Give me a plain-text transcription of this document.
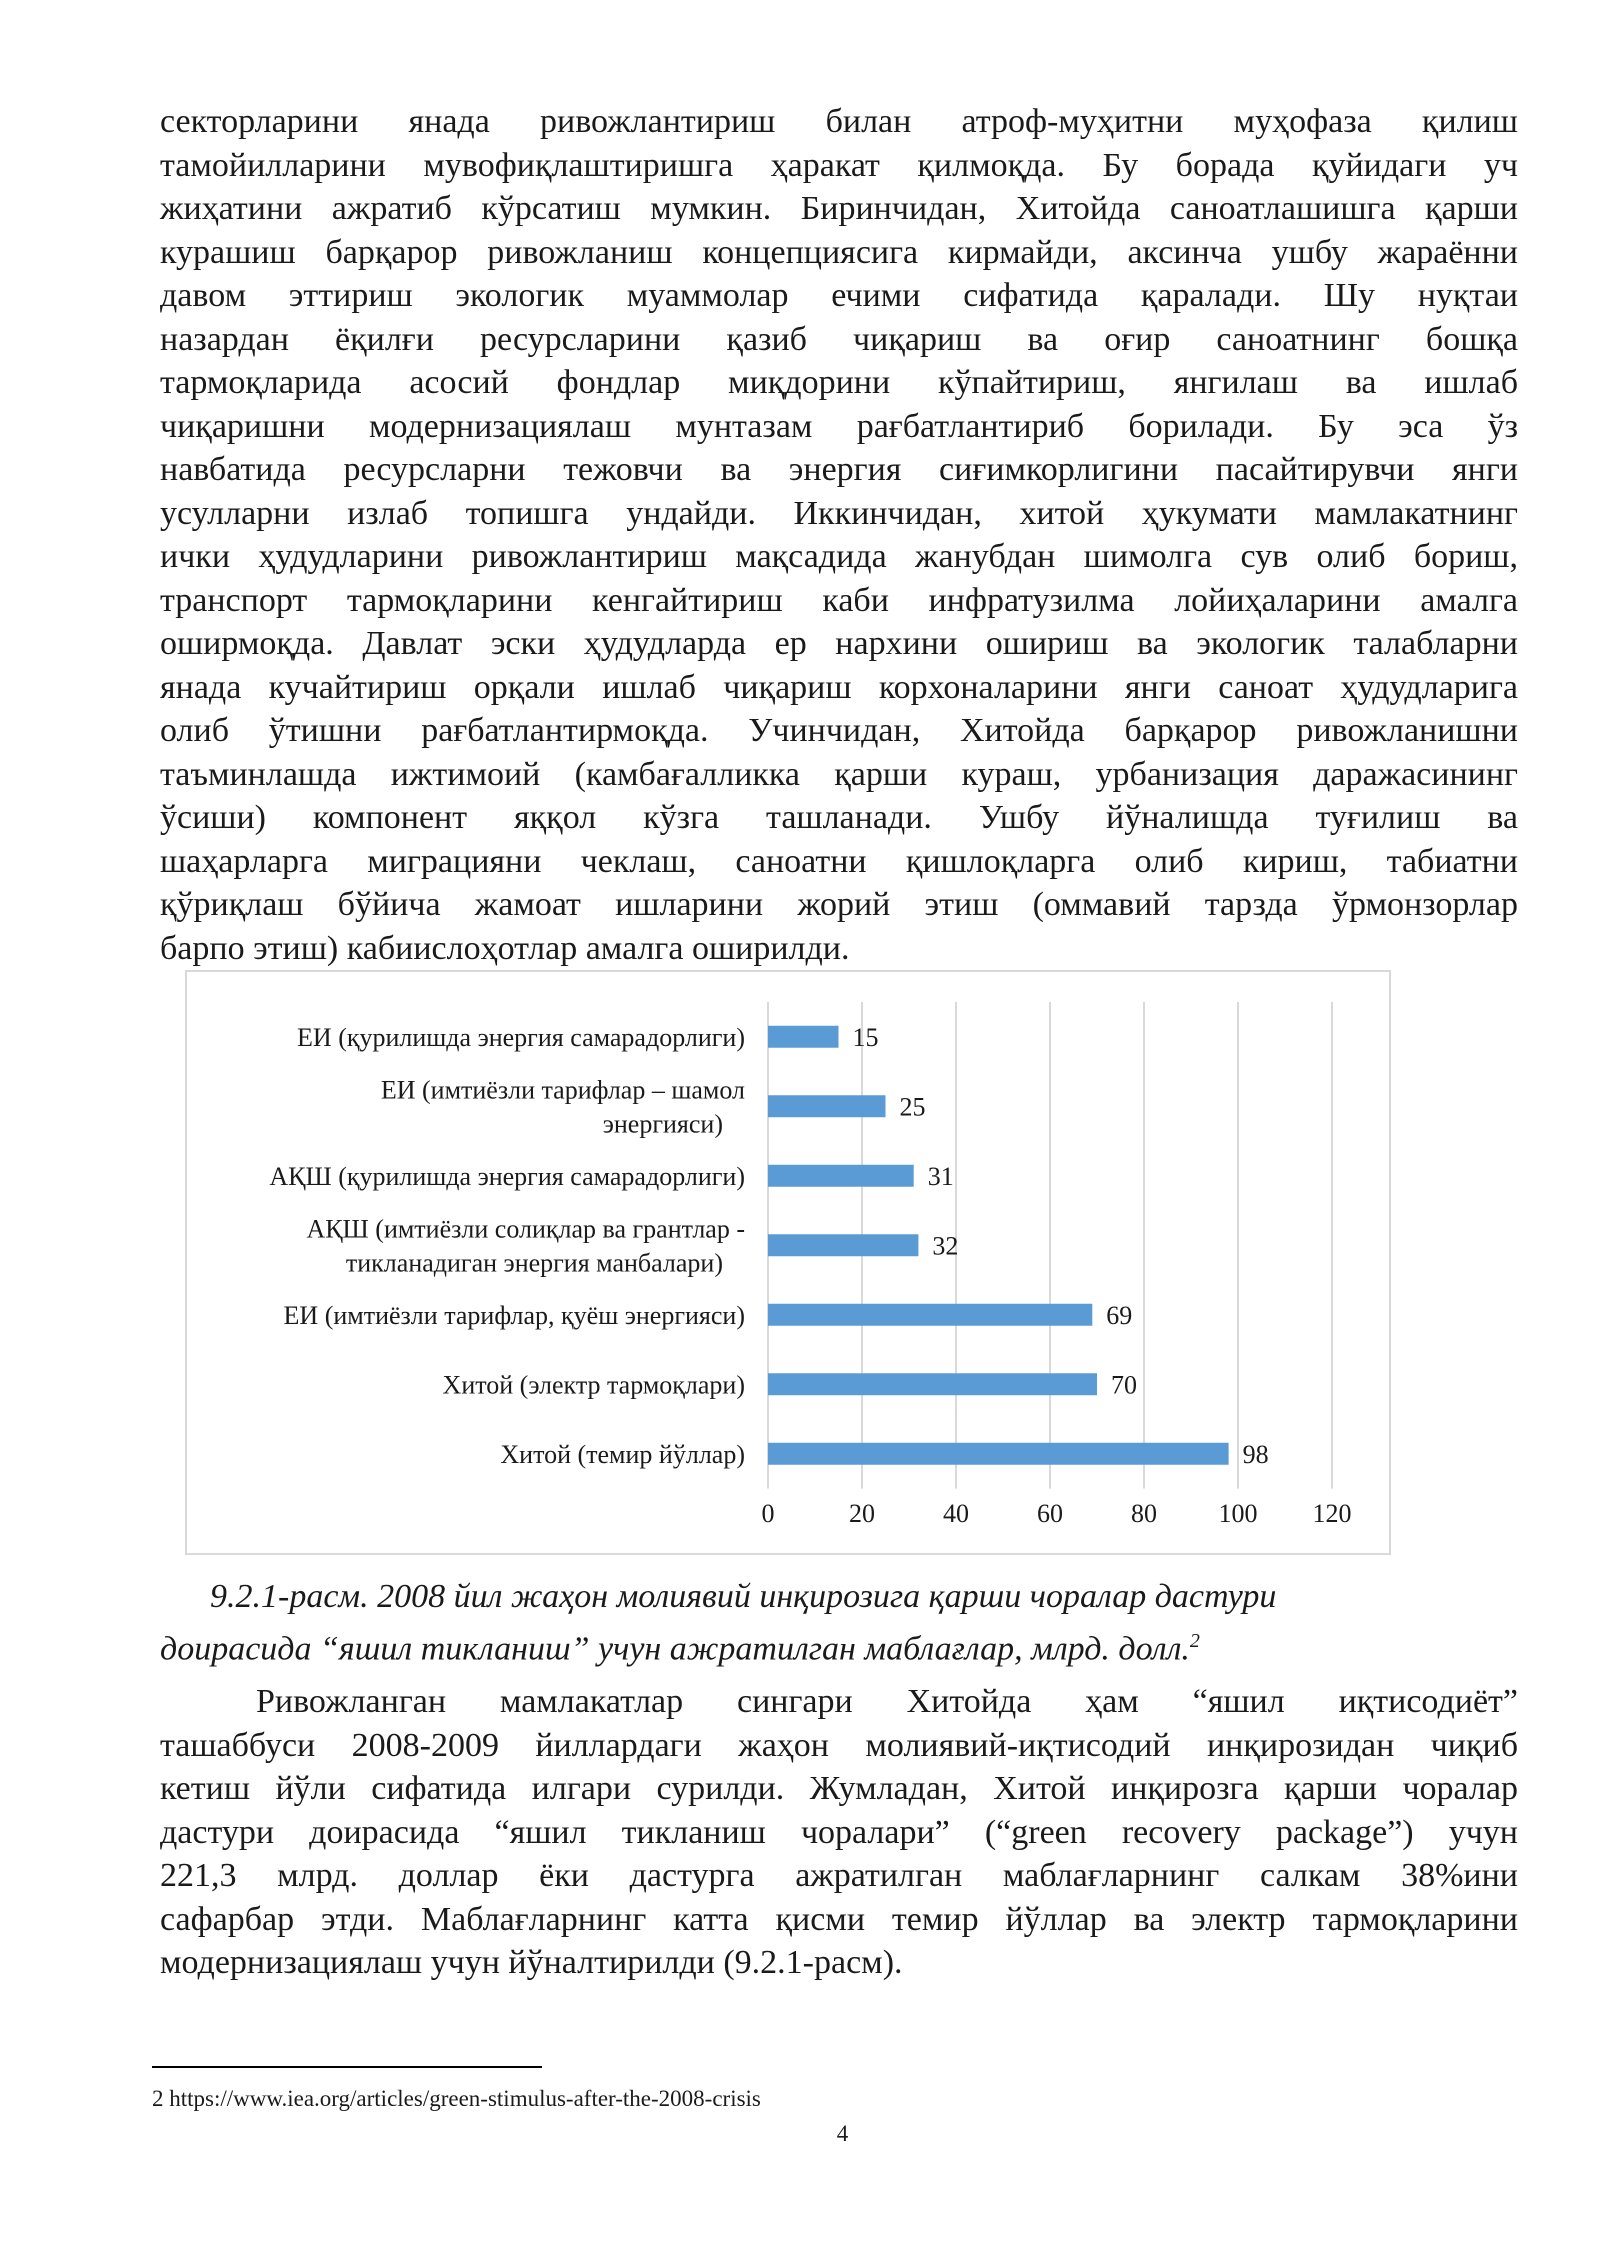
секторларини янада ривожлантириш билан атроф-муҳитни муҳофаза қилиш
тамойилларини мувофиқлаштиришга ҳаракат қилмоқда. Бу борада қуйидаги уч
жиҳатини ажратиб кўрсатиш мумкин. Биринчидан, Хитойда саноатлашишга қарши
курашиш барқарор ривожланиш концепциясига кирмайди, аксинча ушбу жараённи
давом эттириш экологик муаммолар ечими сифатида қаралади. Шу нуқтаи
назардан ёқилғи ресурсларини қазиб чиқариш ва оғир саноатнинг бошқа
тармоқларида асосий фондлар миқдорини кўпайтириш, янгилаш ва ишлаб
чиқаришни модернизациялаш мунтазам рағбатлантириб борилади. Бу эса ўз
навбатида ресурсларни тежовчи ва энергия сиғимкорлигини пасайтирувчи янги
усулларни излаб топишга ундайди. Иккинчидан, хитой ҳукумати мамлакатнинг
ички ҳудудларини ривожлантириш мақсадида жанубдан шимолга сув олиб бориш,
транспорт тармоқларини кенгайтириш каби инфратузилма лойиҳаларини амалга
оширмоқда. Давлат эски ҳудудларда ер нархини ошириш ва экологик талабларни
янада кучайтириш орқали ишлаб чиқариш корхоналарини янги саноат ҳудудларига
олиб ўтишни рағбатлантирмоқда. Учинчидан, Хитойда барқарор ривожланишни
таъминлашда ижтимоий (камбағалликка қарши кураш, урбанизация даражасининг
ўсиши) компонент яққол кўзга ташланади. Ушбу йўналишда туғилиш ва
шаҳарларга миграцияни чеклаш, саноатни қишлоқларга олиб кириш, табиатни
қўриқлаш бўйича жамоат ишларини жорий этиш (оммавий тарзда ўрмонзорлар
барпо этиш) кабиислоҳотлар амалга оширилди.
0	20	40	60	80 100 120
15
ЕИ (қурилишда энергия самарадорлиги)
25
ЕИ (имтиёзли тарифлар – шамол
энергияси)
31
АҚШ (қурилишда энергия самарадорлиги)
32
АҚШ (имтиёзли солиқлар ва грантлар -
тикланадиган энергия манбалари)
69
ЕИ (имтиёзли тарифлар, қуёш энергияси)
70
Хитой (электр тармоқлари)
98
Хитой (темир йўллар)

9.2.1-расм. 2008 йил жаҳон молиявий инқирозига қарши чоралар дастури
доирасида “яшил тикланиш” учун ажратилган маблағлар, млрд. долл.$^2$

Ривожланган мамлакатлар сингари Хитойда ҳам “яшил иқтисодиёт”
ташаббуси 2008-2009 йиллардаги жаҳон молиявий-иқтисодий инқирозидан чиқиб
кетиш йўли сифатида илгари сурилди. Жумладан, Хитой инқирозга қарши чоралар
дастури доирасида “яшил тикланиш чоралари” (“green recovery package”) учун
221,3 млрд. доллар ёки дастурга ажратилган маблағларнинг салкам 38%ини
сафарбар этди. Маблағларнинг катта қисми темир йўллар ва электр тармоқларини
модернизациялаш учун йўналтирилди (9.2.1-расм).
2 https://www.iea.org/articles/green-stimulus-after-the-2008-crisis
4
